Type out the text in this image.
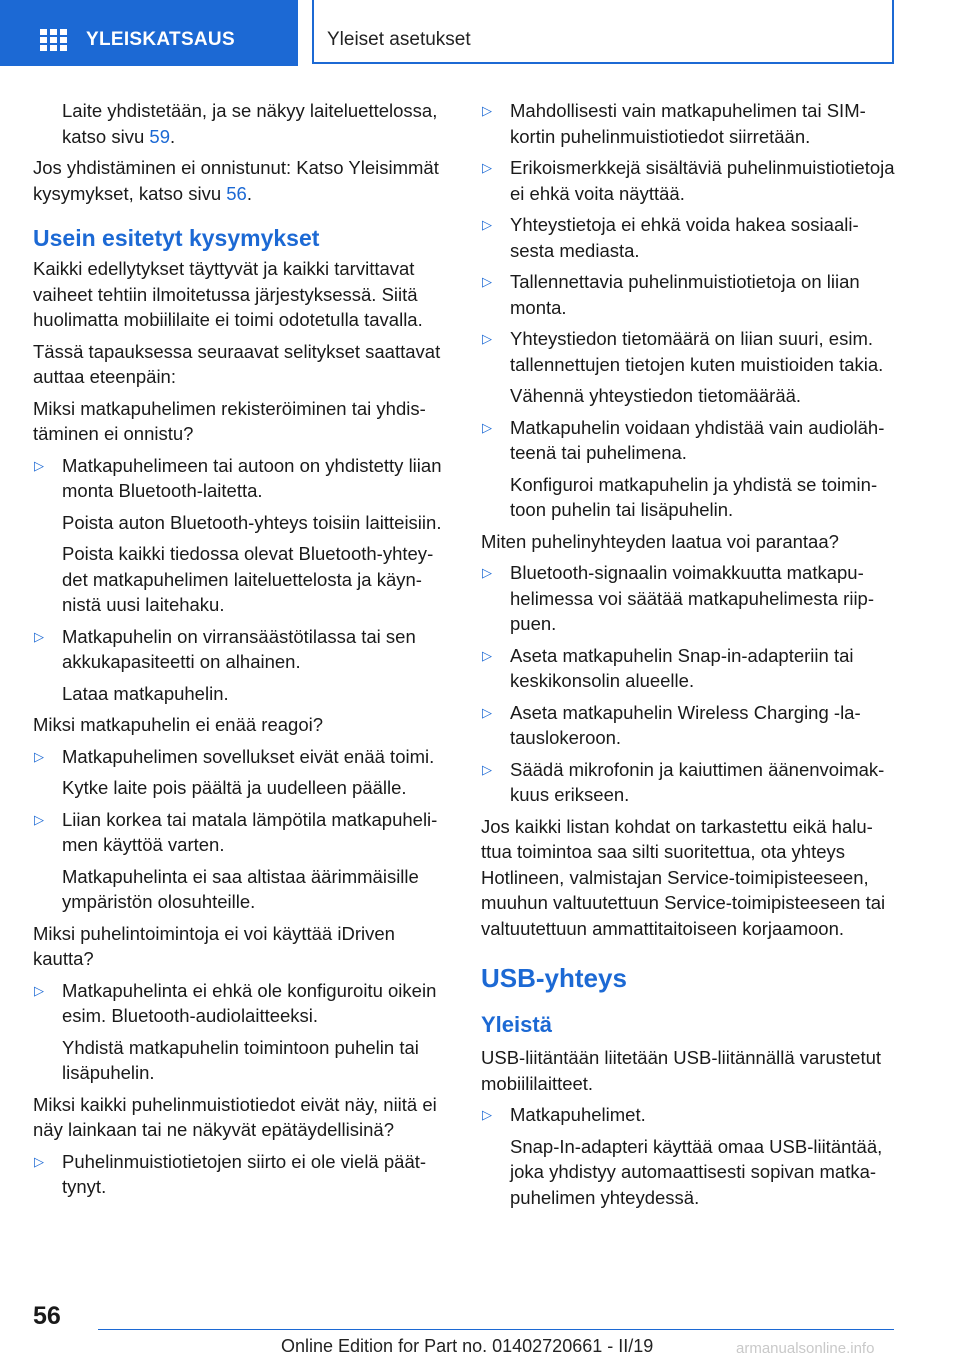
YLEISKATSAUS	Yleiset asetukset
Laite yhdistetään, ja se näkyy laiteluettelossa, katso sivu 59.
Jos yhdistäminen ei onnistunut: Katso Yleisimmät kysymykset, katso sivu 56.
Usein esitetyt kysymykset
Kaikki edellytykset täyttyvät ja kaikki tarvittavat vaiheet tehtiin ilmoitetussa järjestyksessä. Siitä huolimatta mobiililaite ei toimi odotetulla tavalla.
Tässä tapauksessa seuraavat selitykset saattavat auttaa eteenpäin:
Miksi matkapuhelimen rekisteröiminen tai yhdistäminen ei onnistu?
▷ Matkapuhelimeen tai autoon on yhdistetty liian monta Bluetooth-laitetta.
Poista auton Bluetooth-yhteys toisiin laitteisiin.
Poista kaikki tiedossa olevat Bluetooth-yhteydet matkapuhelimen laiteluettelosta ja käynnistä uusi laitehaku.
▷ Matkapuhelin on virransäästötilassa tai sen akkukapasiteetti on alhainen.
Lataa matkapuhelin.
Miksi matkapuhelin ei enää reagoi?
▷ Matkapuhelimen sovellukset eivät enää toimi.
Kytke laite pois päältä ja uudelleen päälle.
▷ Liian korkea tai matala lämpötila matkapuhelimen käyttöä varten.
Matkapuhelinta ei saa altistaa äärimmäisille ympäristön olosuhteille.
Miksi puhelintoimintoja ei voi käyttää iDriven kautta?
▷ Matkapuhelinta ei ehkä ole konfiguroitu oikein esim. Bluetooth-audiolaitteeksi.
Yhdistä matkapuhelin toimintoon puhelin tai lisäpuhelin.
Miksi kaikki puhelinmuistiotiedot eivät näy, niitä ei näy lainkaan tai ne näkyvät epätäydellisinä?
▷ Puhelinmuistiotietojen siirto ei ole vielä päättynyt.
▷ Mahdollisesti vain matkapuhelimen tai SIM-kortin puhelinmuistiotiedot siirretään.
▷ Erikoismerkkejä sisältäviä puhelinmuistiotietoja ei ehkä voita näyttää.
▷ Yhteystietoja ei ehkä voida hakea sosiaalisesta mediasta.
▷ Tallennettavia puhelinmuistiotietoja on liian monta.
▷ Yhteystiedon tietomäärä on liian suuri, esim. tallennettujen tietojen kuten muistioiden takia.
Vähennä yhteystiedon tietomäärää.
▷ Matkapuhelin voidaan yhdistää vain audiolähteenä tai puhelimena.
Konfiguroi matkapuhelin ja yhdistä se toimintoon puhelin tai lisäpuhelin.
Miten puhelinyhteyden laatua voi parantaa?
▷ Bluetooth-signaalin voimakkuutta matkapuhelimessa voi säätää matkapuhelimesta riippuen.
▷ Aseta matkapuhelin Snap-in-adapteriin tai keskikonsolin alueelle.
▷ Aseta matkapuhelin Wireless Charging -latauslokeroon.
▷ Säädä mikrofonin ja kaiuttimen äänenvoimakkuus erikseen.
Jos kaikki listan kohdat on tarkastettu eikä haluttua toimintoa saa silti suoritettua, ota yhteys Hotlineen, valmistajan Service-toimipisteeseen, muuhun valtuutettuun Service-toimipisteeseen tai valtuutettuun ammattitaitoiseen korjaamoon.
USB-yhteys
Yleistä
USB-liitäntään liitetään USB-liitännällä varustetut mobiililaitteet.
▷ Matkapuhelimet.
Snap-In-adapteri käyttää omaa USB-liitäntää, joka yhdistyy automaattisesti sopivan matkapuhelimen yhteydessä.
56
Online Edition for Part no. 01402720661 - II/19	armanualsonline.info
